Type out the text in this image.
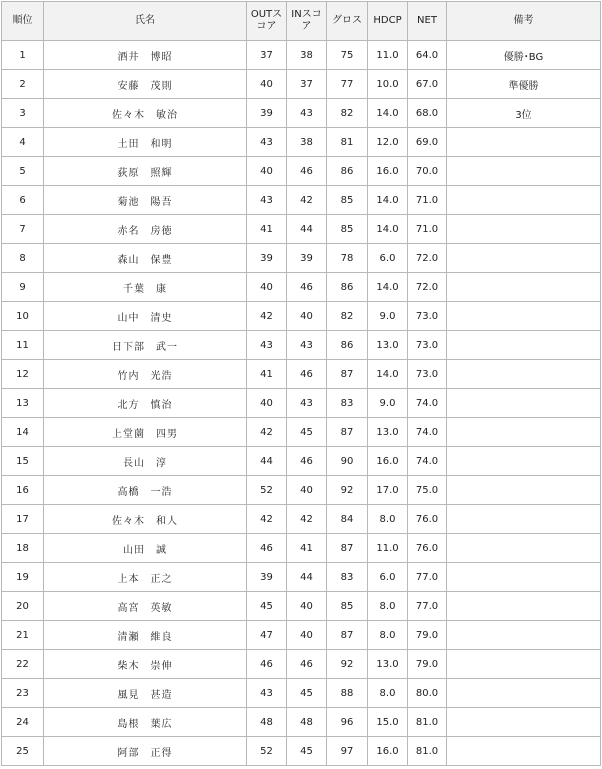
順位	氏名	OUTスコア	INスコア	グロス	HDCP	NET	備考
1	酒井　博昭	37	38	75	11.0	64.0	優勝･BG
2	安藤　茂則	40	37	77	10.0	67.0	準優勝
3	佐々木　敏治	39	43	82	14.0	68.0	3位
4	土田　和明	43	38	81	12.0	69.0	
5	荻原　照輝	40	46	86	16.0	70.0	
6	菊池　陽吾	43	42	85	14.0	71.0	
7	赤名　房徳	41	44	85	14.0	71.0	
8	森山　保豊	39	39	78	6.0	72.0	
9	千葉　康	40	46	86	14.0	72.0	
10	山中　清史	42	40	82	9.0	73.0	
11	日下部　武一	43	43	86	13.0	73.0	
12	竹内　光浩	41	46	87	14.0	73.0	
13	北方　慎治	40	43	83	9.0	74.0	
14	上堂薗　四男	42	45	87	13.0	74.0	
15	長山　淳	44	46	90	16.0	74.0	
16	高橋　一浩	52	40	92	17.0	75.0	
17	佐々木　和人	42	42	84	8.0	76.0	
18	山田　誠	46	41	87	11.0	76.0	
19	上本　正之	39	44	83	6.0	77.0	
20	高宮　英敏	45	40	85	8.0	77.0	
21	清瀬　維良	47	40	87	8.0	79.0	
22	柴木　崇伸	46	46	92	13.0	79.0	
23	風見　甚造	43	45	88	8.0	80.0	
24	島根　葉広	48	48	96	15.0	81.0	
25	阿部　正得	52	45	97	16.0	81.0	
